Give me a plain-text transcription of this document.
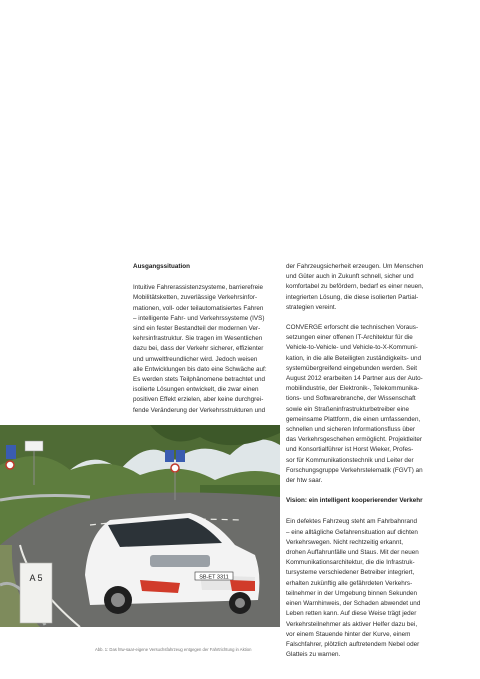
Ausgangssituation

Intuitive Fahrerassistenzsysteme, barrierefreie
Mobilitätsketten, zuverlässige Verkehrsinfor-
mationen, voll- oder teilautomatisiertes Fahren
– intelligente Fahr- und Verkehrssysteme (IVS)
sind ein fester Bestandteil der modernen Ver-
kehrsinfrastruktur. Sie tragen im Wesentlichen
dazu bei, dass der Verkehr sicherer, effizienter
und umweltfreundlicher wird. Jedoch weisen
alle Entwicklungen bis dato eine Schwäche auf:
Es werden stets Teilphänomene betrachtet und
isolierte Lösungen entwickelt, die zwar einen
positiven Effekt erzielen, aber keine durchgrei-
fende Veränderung der Verkehrsstrukturen und

der Fahrzeugsicherheit erzeugen. Um Menschen
und Güter auch in Zukunft schnell, sicher und
komfortabel zu befördern, bedarf es einer neuen,
integrierten Lösung, die diese isolierten Partial-
strategien vereint.

CONVERGE erforscht die technischen Voraus-
setzungen einer offenen IT-Architektur für die
Vehicle-to-Vehicle- und Vehicle-to-X-Kommuni-
kation, in die alle Beteiligten zuständigkeits- und
systemübergreifend eingebunden werden. Seit
August 2012 erarbeiten 14 Partner aus der Auto-
mobilindustrie, der Elektronik-, Telekommunika-
tions- und Softwarebranche, der Wissenschaft
sowie ein Straßeninfrastrukturbetreiber eine
gemeinsame Plattform, die einen umfassenden,
schnellen und sicheren Informationsfluss über
das Verkehrsgeschehen ermöglicht. Projektleiter
und Konsortialführer ist Horst Wieker, Profes-
sor für Kommunikationstechnik und Leiter der
Forschungsgruppe Verkehrstelematik (FGVT) an
der htw saar.

Vision: ein intelligent kooperierender Verkehr

Ein defektes Fahrzeug steht am Fahrbahnrand
– eine alltägliche Gefahrensituation auf dichten
Verkehrswegen. Nicht rechtzeitig erkannt,
drohen Auffahrunfälle und Staus. Mit der neuen
Kommunikationsarchitektur, die die Infrastruk-
tursysteme verschiedener Betreiber integriert,
erhalten zukünftig alle gefährdeten Verkehrs-
teilnehmer in der Umgebung binnen Sekunden
einen Warnhinweis, der Schaden abwendet und
Leben retten kann. Auf diese Weise trägt jeder
Verkehrsteilnehmer als aktiver Helfer dazu bei,
vor einem Stauende hinter der Kurve, einem
Falschfahrer, plötzlich auftretendem Nebel oder
Glatteis zu warnen.

SB-ET 3311
A 5
Abb. 1: Das htw-saar-eigene Versuchsfahrzeug entgegen der Fahrtrichtung in Aktion
